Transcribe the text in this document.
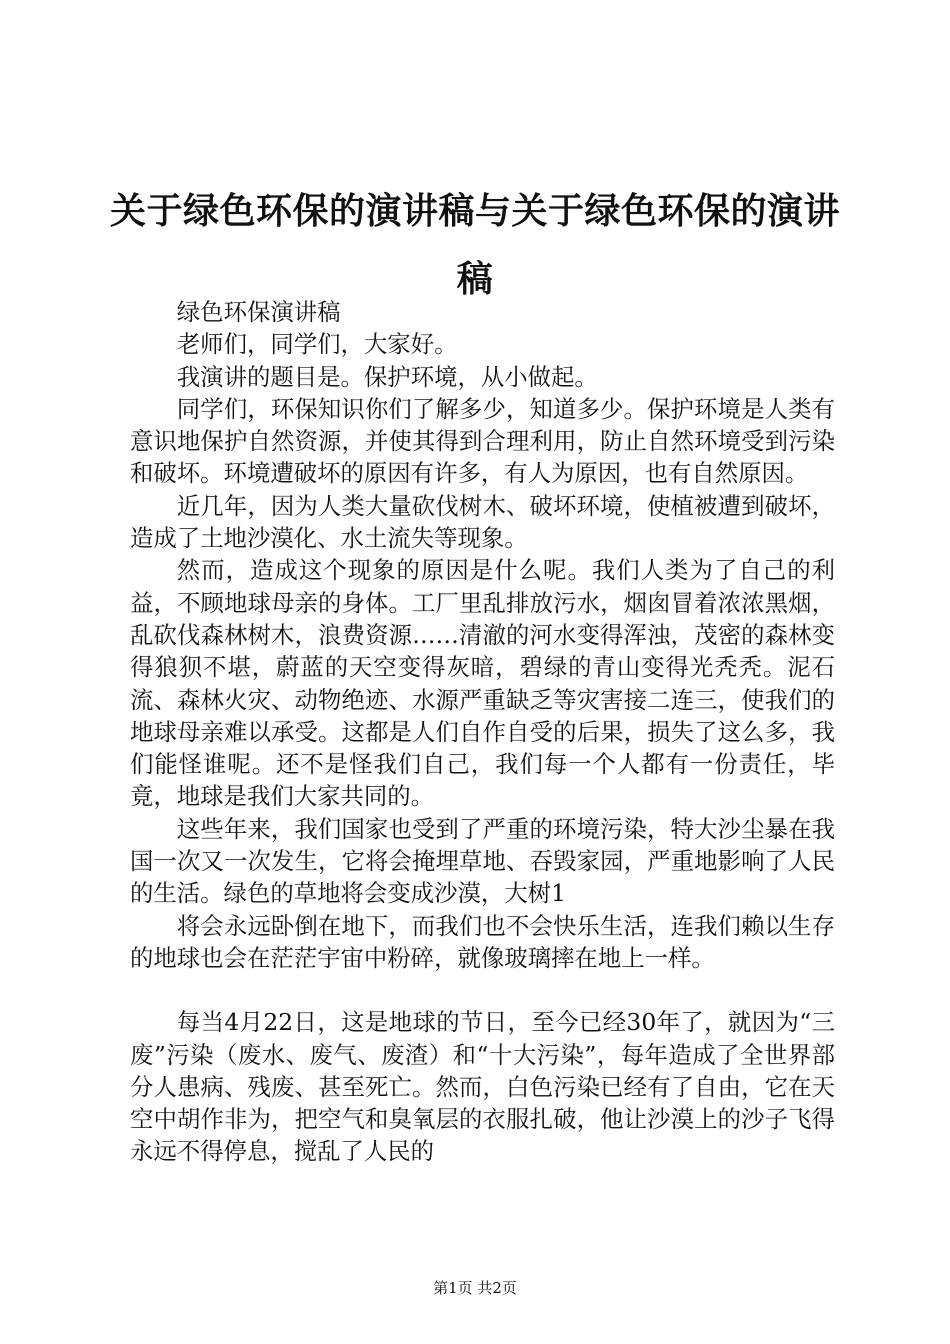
关于绿色环保的演讲稿与关于绿色环保的演讲稿

绿色环保演讲稿

老师们，同学们，大家好。

我演讲的题目是。保护环境，从小做起。

同学们，环保知识你们了解多少，知道多少。保护环境是人类有意识地保护自然资源，并使其得到合理利用，防止自然环境受到污染和破坏。环境遭破坏的原因有许多，有人为原因，也有自然原因。

近几年，因为人类大量砍伐树木、破坏环境，使植被遭到破坏，造成了土地沙漠化、水土流失等现象。

然而，造成这个现象的原因是什么呢。我们人类为了自己的利益，不顾地球母亲的身体。工厂里乱排放污水，烟囱冒着浓浓黑烟，乱砍伐森林树木，浪费资源……清澈的河水变得浑浊，茂密的森林变得狼狈不堪，蔚蓝的天空变得灰暗，碧绿的青山变得光秃秃。泥石流、森林火灾、动物绝迹、水源严重缺乏等灾害接二连三，使我们的地球母亲难以承受。这都是人们自作自受的后果，损失了这么多，我们能怪谁呢。还不是怪我们自己，我们每一个人都有一份责任，毕竟，地球是我们大家共同的。

这些年来，我们国家也受到了严重的环境污染，特大沙尘暴在我国一次又一次发生，它将会掩埋草地、吞毁家园，严重地影响了人民的生活。绿色的草地将会变成沙漠，大树1

将会永远卧倒在地下，而我们也不会快乐生活，连我们赖以生存的地球也会在茫茫宇宙中粉碎，就像玻璃摔在地上一样。

每当4月22日，这是地球的节日，至今已经30年了，就因为“三废”污染（废水、废气、废渣）和“十大污染”，每年造成了全世界部分人患病、残废、甚至死亡。然而，白色污染已经有了自由，它在天空中胡作非为，把空气和臭氧层的衣服扎破，他让沙漠上的沙子飞得永远不得停息，搅乱了人民的

第1页 共2页
